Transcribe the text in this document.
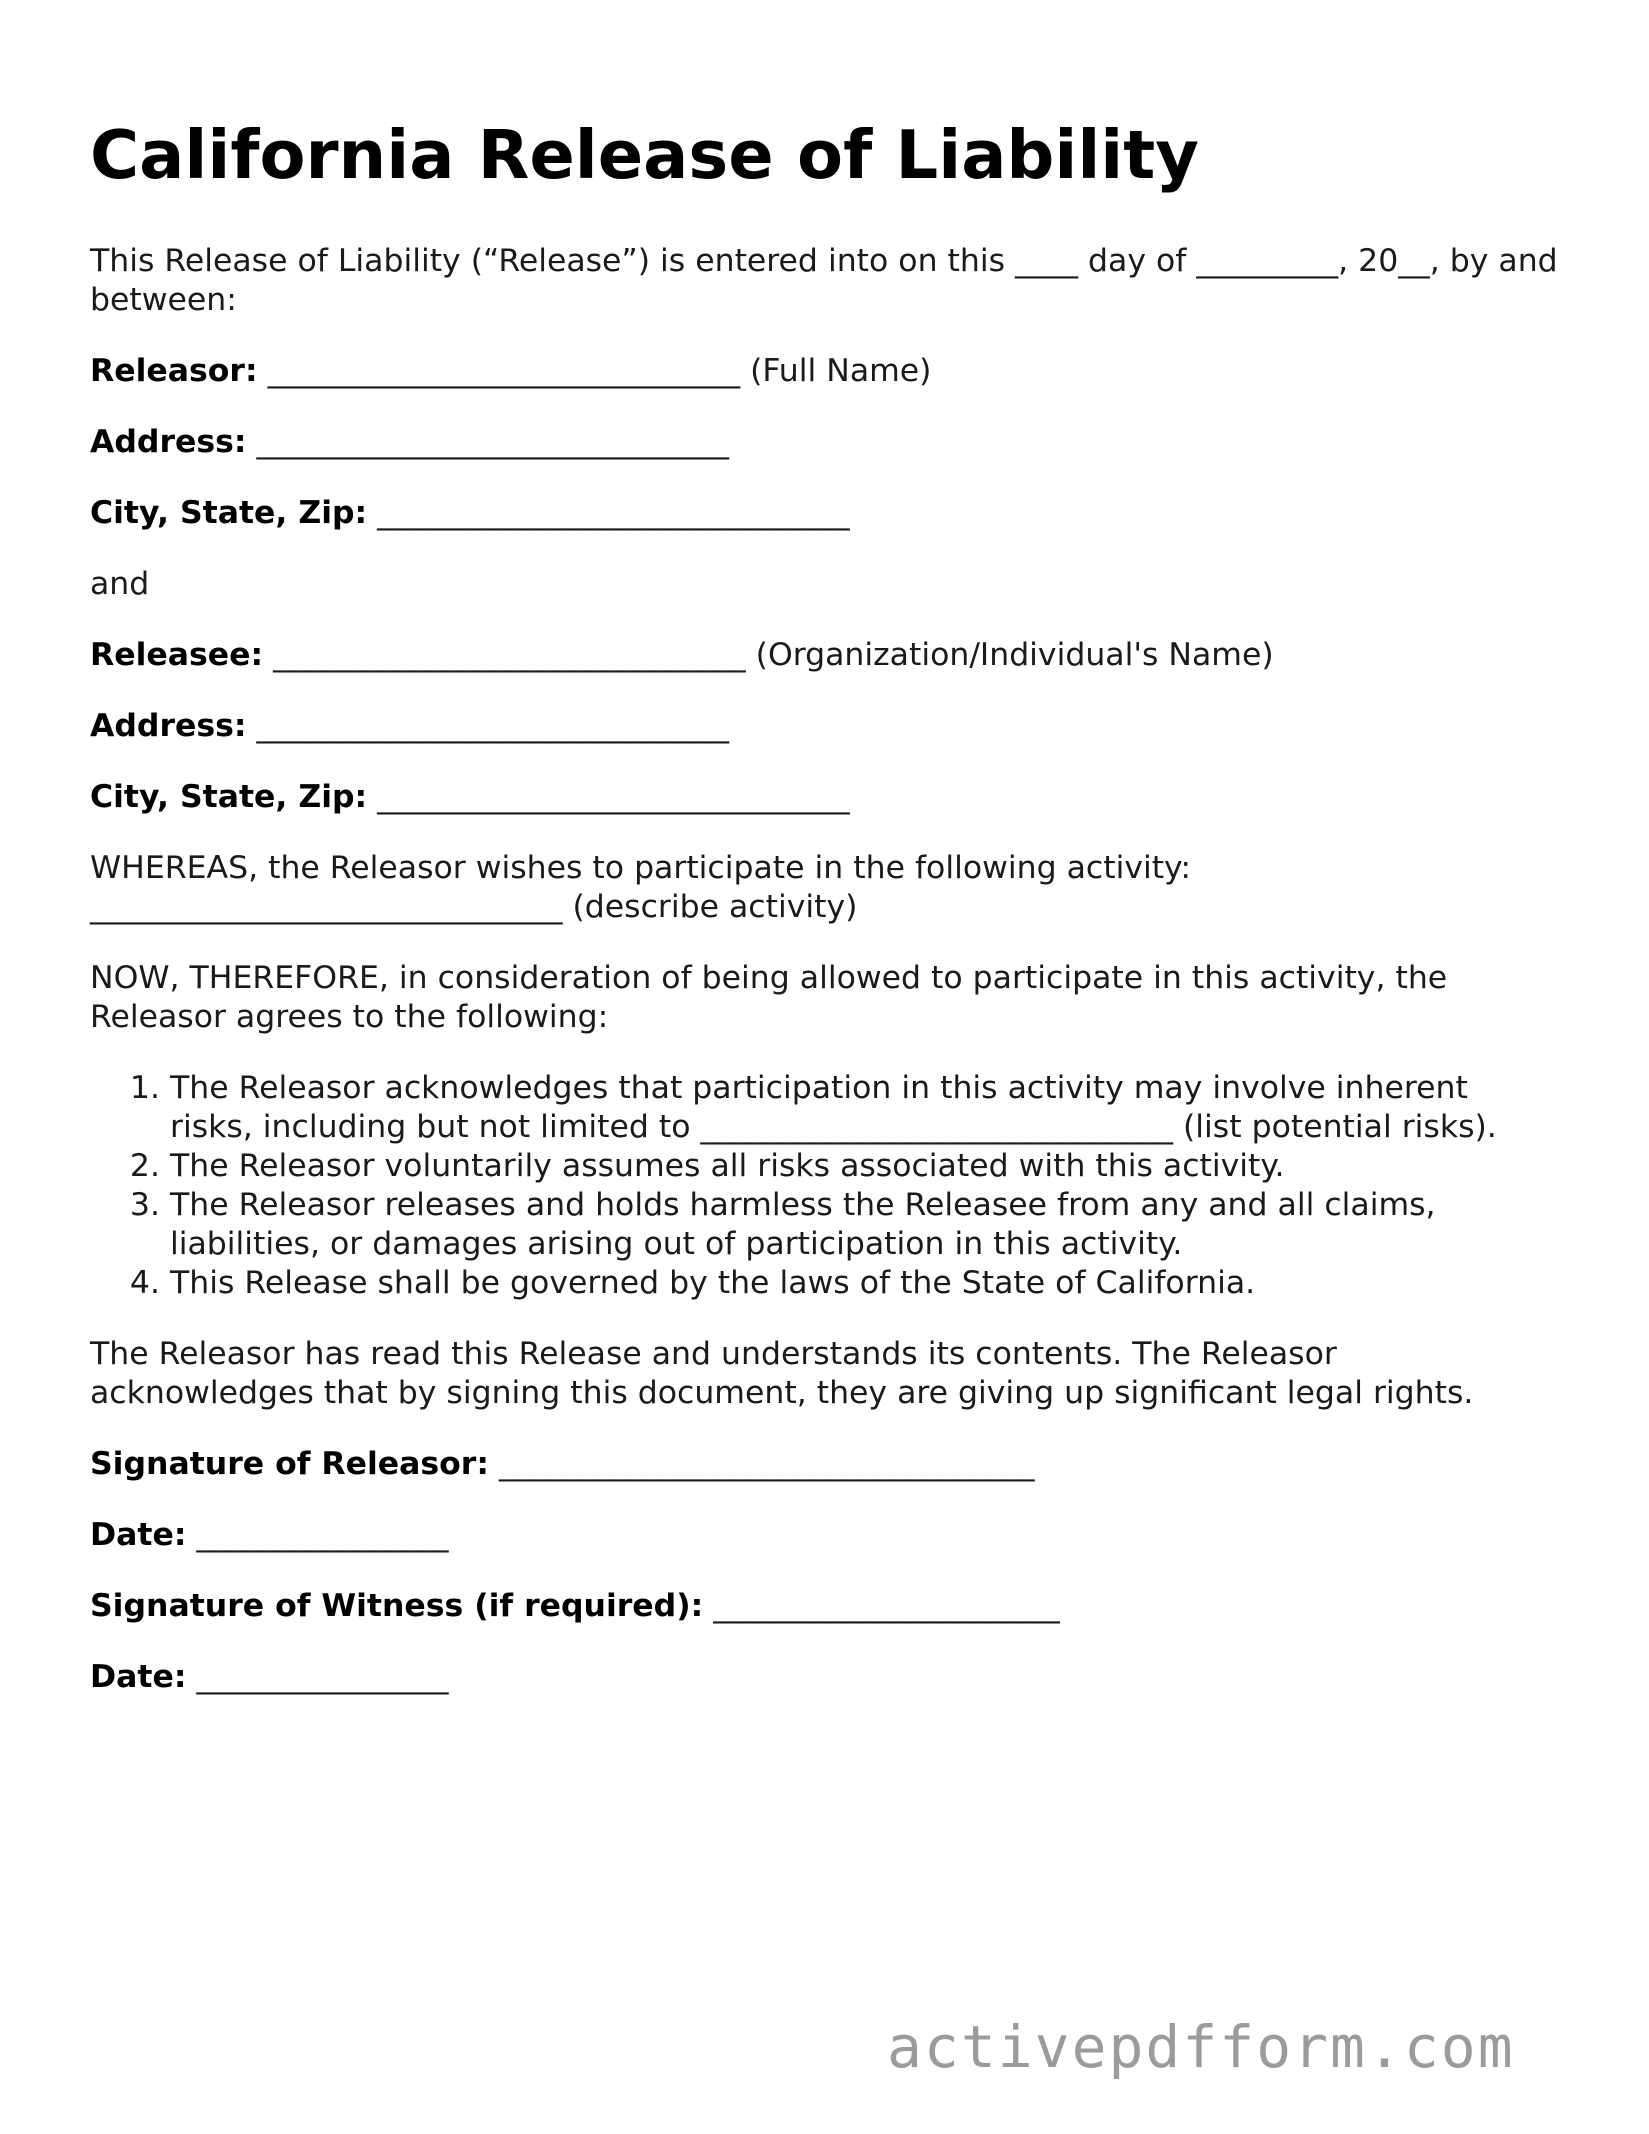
California Release of Liability

This Release of Liability (“Release”) is entered into on this ____ day of _________, 20__, by and between:

Releasor: ______________________________ (Full Name)

Address: ______________________________

City, State, Zip: ______________________________

and

Releasee: ______________________________ (Organization/Individual's Name)

Address: ______________________________

City, State, Zip: ______________________________

WHEREAS, the Releasor wishes to participate in the following activity: ______________________________ (describe activity)

NOW, THEREFORE, in consideration of being allowed to participate in this activity, the Releasor agrees to the following:

1. The Releasor acknowledges that participation in this activity may involve inherent risks, including but not limited to ______________________________ (list potential risks).
2. The Releasor voluntarily assumes all risks associated with this activity.
3. The Releasor releases and holds harmless the Releasee from any and all claims, liabilities, or damages arising out of participation in this activity.
4. This Release shall be governed by the laws of the State of California.

The Releasor has read this Release and understands its contents. The Releasor acknowledges that by signing this document, they are giving up significant legal rights.

Signature of Releasor: __________________________________

Date: ________________

Signature of Witness (if required): ______________________

Date: ________________

activepdfform.com
